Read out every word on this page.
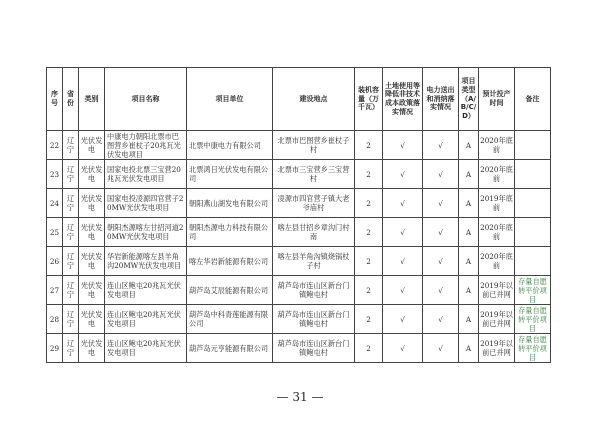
序号	省份	类别	项目名称	项目单位	建设地点	装机容量（万千瓦）	土地使用等降低非技术成本政策落实情况	电力送出和消纳落实情况	项目类型（A/B/C/D）	预计投产时间	备注
22	辽宁	光伏发电	中康电力朝阳北票市巴图营乡崔杖子20兆瓦光伏发电项目	北票中康电力有限公司	北票市巴图营乡崔杖子村	2	√	√	A	2020年底前	
23	辽宁	光伏发电	国家电投北票三宝营20兆瓦光伏发电项目	北票鸿日光伏发电有限公司	北票市三宝营乡三宝营村	2	√	√	A	2020年底前	
24	辽宁	光伏发电	国家电投凌源四官营子20MW光伏发电项目	朝阳燕山湖发电有限公司	凌源市四官营子镇大老爷庙村	2	√	√	A	2019年底前	
25	辽宁	光伏发电	朝阳杰源喀左甘招河道20MW光伏发电项目	朝阳杰源电力科技有限公司	喀左县甘招乡章沟门村南	2	√	√	A	2020年底前	
26	辽宁	光伏发电	华岩新能源喀左县羊角沟20MW光伏发电项目	喀左华岩新能源有限公司	喀左县羊角沟镇烧锅杖子村	2	√	√	A	2020年底前	
27	辽宁	光伏发电	连山区鲍屯20兆瓦光伏发电项目	葫芦岛艾辰能源有限公司	葫芦岛市连山区新台门镇鲍屯村	2	√	√	A	2019年以前已并网	存量自愿转平价项目
28	辽宁	光伏发电	连山区鲍屯20兆瓦光伏发电项目	葫芦岛中科青莲能源有限公司	葫芦岛市连山区新台门镇鲍屯村	2	√	√	A	2019年以前已并网	存量自愿转平价项目
29	辽宁	光伏发电	连山区鲍屯20兆瓦光伏发电项目	葫芦岛元亨能源有限公司	葫芦岛市连山区新台门镇鲍屯村	2	√	√	A	2019年以前已并网	存量自愿转平价项目
— 31 —
